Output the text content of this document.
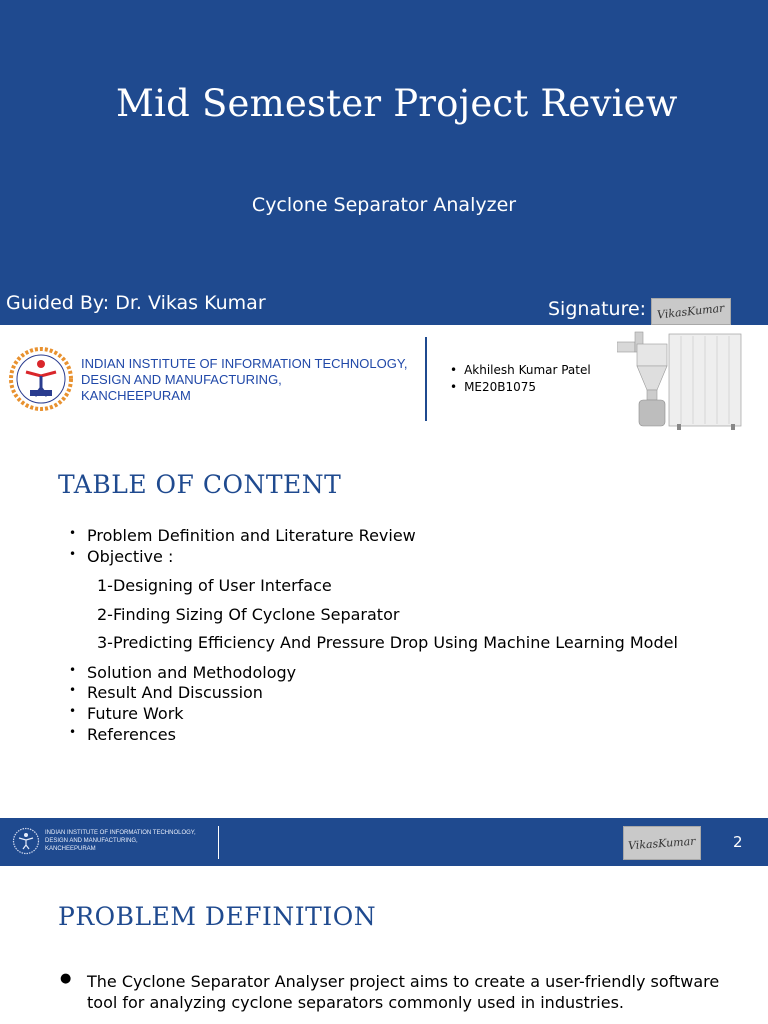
Mid Semester Project Review
Cyclone Separator Analyzer
Guided By: Dr. Vikas Kumar	Signature: VikasKumar
INDIAN INSTITUTE OF INFORMATION TECHNOLOGY,
DESIGN AND MANUFACTURING,
KANCHEEPURAM
• Akhilesh Kumar Patel
• ME20B1075
TABLE OF CONTENT
• Problem Definition and Literature Review
• Objective :
1-Designing of User Interface
2-Finding Sizing Of Cyclone Separator
3-Predicting Efficiency And Pressure Drop Using Machine Learning Model
• Solution and Methodology
• Result And Discussion
• Future Work
• References
INDIAN INSTITUTE OF INFORMATION TECHNOLOGY,
DESIGN AND MANUFACTURING,
KANCHEEPURAM	VikasKumar 2
PROBLEM DEFINITION
● The Cyclone Separator Analyser project aims to create a user-friendly software tool for analyzing cyclone separators commonly used in industries.
